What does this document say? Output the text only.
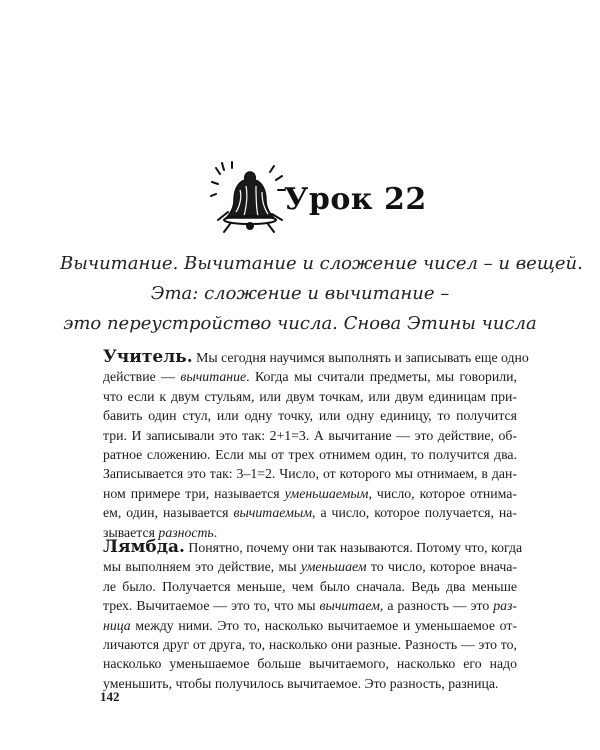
Урок 22
Вычитание. Вычитание и сложение чисел – и вещей.
Эта: сложение и вычитание –
это переустройство числа. Снова Этины числа
Учитель. Мы сегодня научимся выполнять и записывать еще одно
действие — вычитание. Когда мы считали предметы, мы говорили,
что если к двум стульям, или двум точкам, или двум единицам при-
бавить один стул, или одну точку, или одну единицу, то получится
три. И записывали это так: 2+1=3. А вычитание — это действие, об-
ратное сложению. Если мы от трех отнимем один, то получится два.
Записывается это так: 3–1=2. Число, от которого мы отнимаем, в дан-
ном примере три, называется уменьшаемым, число, которое отнима-
ем, один, называется вычитаемым, а число, которое получается, на-
зывается разность.
Лямбда. Понятно, почему они так называются. Потому что, когда
мы выполняем это действие, мы уменьшаем то число, которое внача-
ле было. Получается меньше, чем было сначала. Ведь два меньше
трех. Вычитаемое — это то, что мы вычитаем, а разность — это раз-
ница между ними. Это то, насколько вычитаемое и уменьшаемое от-
личаются друг от друга, то, насколько они разные. Разность — это то,
насколько уменьшаемое больше вычитаемого, насколько его надо
уменьшить, чтобы получилось вычитаемое. Это разность, разница.
142
